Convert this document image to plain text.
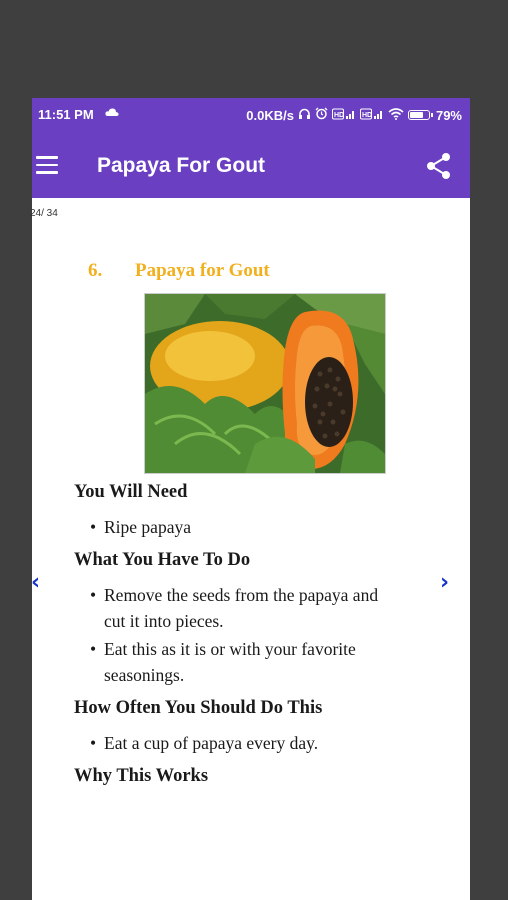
11:51 PM	0.0KB/s	HD	HD	79%
Papaya For Gout
24/ 34
6. Papaya for Gout
You Will Need
• Ripe papaya
What You Have To Do
• Remove the seeds from the papaya and
cut it into pieces.
• Eat this as it is or with your favorite
seasonings.
How Often You Should Do This
• Eat a cup of papaya every day.
Why This Works
‹	›
